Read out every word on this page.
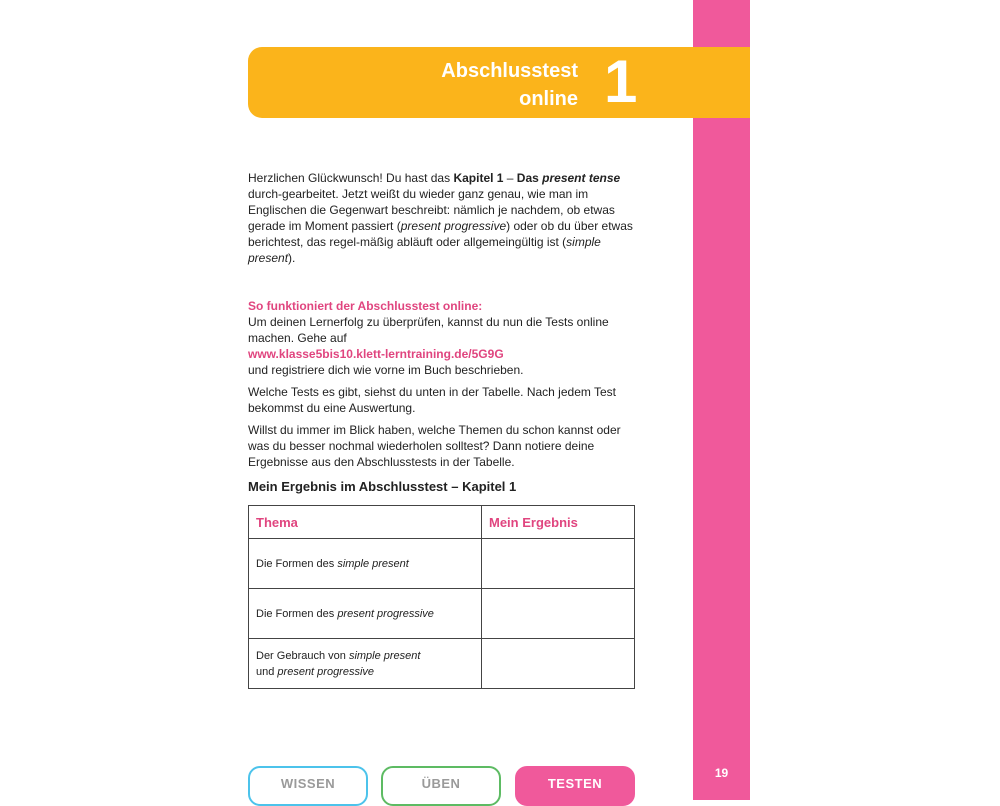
19
Abschlusstest
online 1

Herzlichen Glückwunsch! Du hast das Kapitel 1 – Das present tense durch-gearbeitet. Jetzt weißt du wieder ganz genau, wie man im Englischen die Gegenwart beschreibt: nämlich je nachdem, ob etwas gerade im Moment passiert (present progressive) oder ob du über etwas berichtest, das regel-mäßig abläuft oder allgemeingültig ist (simple present).

So funktioniert der Abschlusstest online:
Um deinen Lernerfolg zu überprüfen, kannst du nun die Tests online machen. Gehe auf
www.klasse5bis10.klett-lerntraining.de/5G9G
und registriere dich wie vorne im Buch beschrieben.

Welche Tests es gibt, siehst du unten in der Tabelle. Nach jedem Test bekommst du eine Auswertung.

Willst du immer im Blick haben, welche Themen du schon kannst oder was du besser nochmal wiederholen solltest? Dann notiere deine Ergebnisse aus den Abschlusstests in der Tabelle.

Mein Ergebnis im Abschlusstest – Kapitel 1
Thema	Mein Ergebnis
Die Formen des simple present	
Die Formen des present progressive	
Der Gebrauch von simple present
und present progressive	
WISSEN	ÜBEN	TESTEN
